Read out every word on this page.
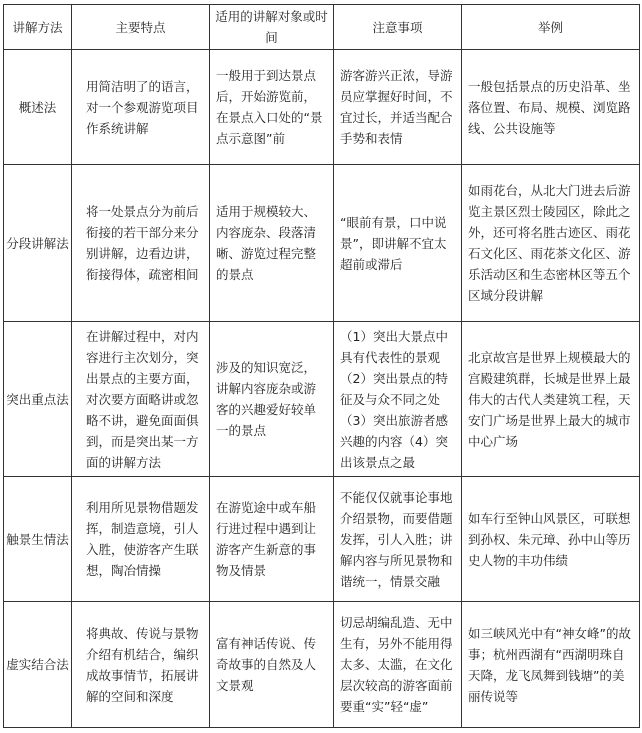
讲解方法	主要特点	适用的讲解对象或时间	注意事项	举例
概述法	用简洁明了的语言，对一个参观游览项目作系统讲解	一般用于到达景点后，开始游览前，在景点入口处的“景点示意图”前	游客游兴正浓，导游员应掌握好时间，不宜过长，并适当配合手势和表情	一般包括景点的历史沿革、坐落位置、布局、规模、浏览路线、公共设施等
分段讲解法	将一处景点分为前后衔接的若干部分来分别讲解，边看边讲，衔接得体，疏密相间	适用于规模较大、内容庞杂、段落清晰、游览过程完整的景点	“眼前有景，口中说景”，即讲解不宜太超前或滞后	如雨花台，从北大门进去后游览主景区烈士陵园区，除此之外，还可将名胜古迹区、雨花石文化区、雨花茶文化区、游乐活动区和生态密林区等五个区域分段讲解
突出重点法	在讲解过程中，对内容进行主次划分，突出景点的主要方面，对次要方面略讲或忽略不讲，避免面面俱到，而是突出某一方面的讲解方法	涉及的知识宽泛，讲解内容庞杂或游客的兴趣爱好较单一的景点	（1）突出大景点中具有代表性的景观（2）突出景点的特征及与众不同之处（3）突出旅游者感兴趣的内容（4）突出该景点之最	北京故宫是世界上规模最大的宫殿建筑群，长城是世界上最伟大的古代人类建筑工程，天安门广场是世界上最大的城市中心广场
触景生情法	利用所见景物借题发挥，制造意境，引人入胜，使游客产生联想，陶冶情操	在游览途中或车船行进过程中遇到让游客产生新意的事物及情景	不能仅仅就事论事地介绍景物，而要借题发挥，引人入胜；讲解内容与所见景物和谐统一，情景交融	如车行至钟山风景区，可联想到孙权、朱元璋、孙中山等历史人物的丰功伟绩
虚实结合法	将典故、传说与景物介绍有机结合，编织成故事情节，拓展讲解的空间和深度	富有神话传说、传奇故事的自然及人文景观	切忌胡编乱造、无中生有，另外不能用得太多、太滥，在文化层次较高的游客面前要重“实”轻“虚”	如三峡风光中有“神女峰”的故事；杭州西湖有“西湖明珠自天降，龙飞凤舞到钱塘”的美丽传说等
